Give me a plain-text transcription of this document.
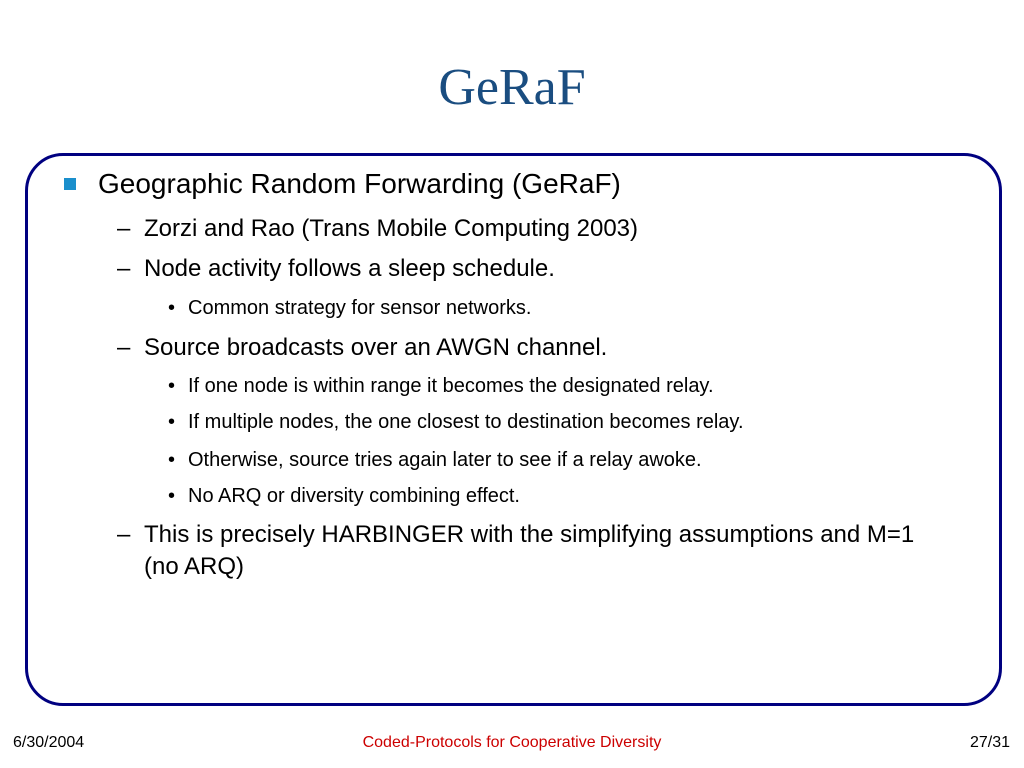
GeRaF
Geographic Random Forwarding (GeRaF)
– Zorzi and Rao (Trans Mobile Computing 2003)
– Node activity follows a sleep schedule.
• Common strategy for sensor networks.
– Source broadcasts over an AWGN channel.
• If one node is within range it becomes the designated relay.
• If multiple nodes, the one closest to destination becomes relay.
• Otherwise, source tries again later to see if a relay awoke.
• No ARQ or diversity combining effect.
– This is precisely HARBINGER with the simplifying assumptions and M=1 (no ARQ)
6/30/2004	Coded-Protocols for Cooperative Diversity	27/31
